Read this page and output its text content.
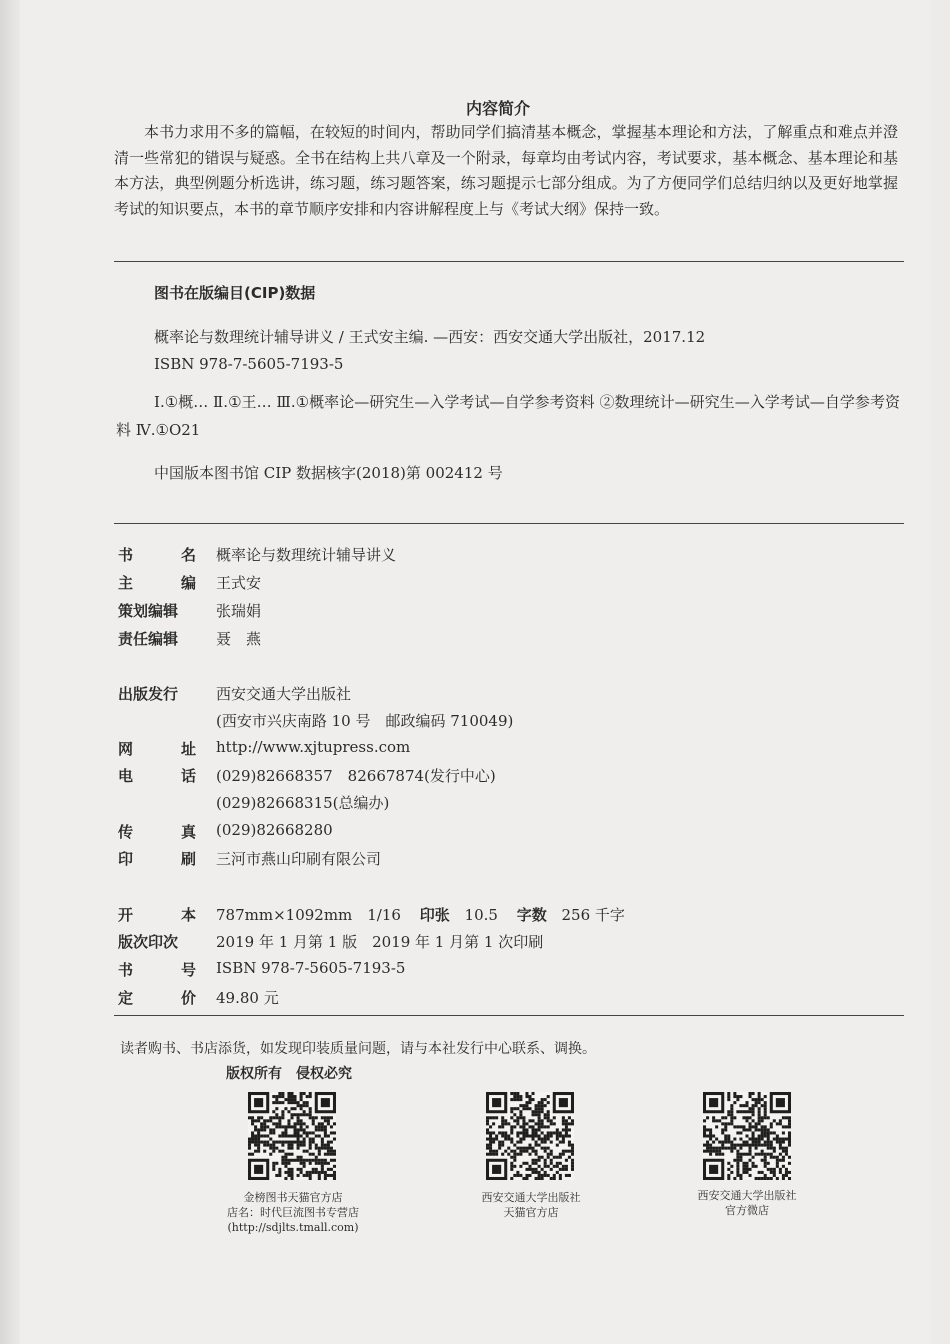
内容简介

本书力求用不多的篇幅，在较短的时间内，帮助同学们搞清基本概念，掌握基本理论和方法，了解重点和难点并澄清一些常犯的错误与疑惑。全书在结构上共八章及一个附录，每章均由考试内容，考试要求，基本概念、基本理论和基本方法，典型例题分析选讲，练习题，练习题答案，练习题提示七部分组成。为了方便同学们总结归纳以及更好地掌握考试的知识要点，本书的章节顺序安排和内容讲解程度上与《考试大纲》保持一致。

图书在版编目(CIP)数据
概率论与数理统计辅导讲义 / 王式安主编. —西安：西安交通大学出版社，2017.12
ISBN 978-7-5605-7193-5
Ⅰ.①概… Ⅱ.①王… Ⅲ.①概率论—研究生—入学考试—自学参考资料 ②数理统计—研究生—入学考试—自学参考资料 Ⅳ.①O21
中国版本图书馆 CIP 数据核字(2018)第 002412 号
书	名 概率论与数理统计辅导讲义
主	编 王式安
策划编辑	张瑞娟
责任编辑	聂　燕
出版发行	西安交通大学出版社
(西安市兴庆南路 10 号　邮政编码 710049)
网	址 http://www.xjtupress.com
电	话 (029)82668357　82667874(发行中心)
(029)82668315(总编办)
传	真 (029)82668280
印	刷 三河市燕山印刷有限公司
开	本 787mm×1092mm　1/16 印张 10.5 字数 256 千字
版次印次	2019 年 1 月第 1 版　2019 年 1 月第 1 次印刷
书	号 ISBN 978-7-5605-7193-5
定	价 49.80 元
读者购书、书店添货，如发现印装质量问题，请与本社发行中心联系、调换。
版权所有　侵权必究
金榜图书天猫官方店
店名：时代巨流图书专营店
(http://sdjlts.tmall.com)
西安交通大学出版社
天猫官方店
西安交通大学出版社
官方微店
